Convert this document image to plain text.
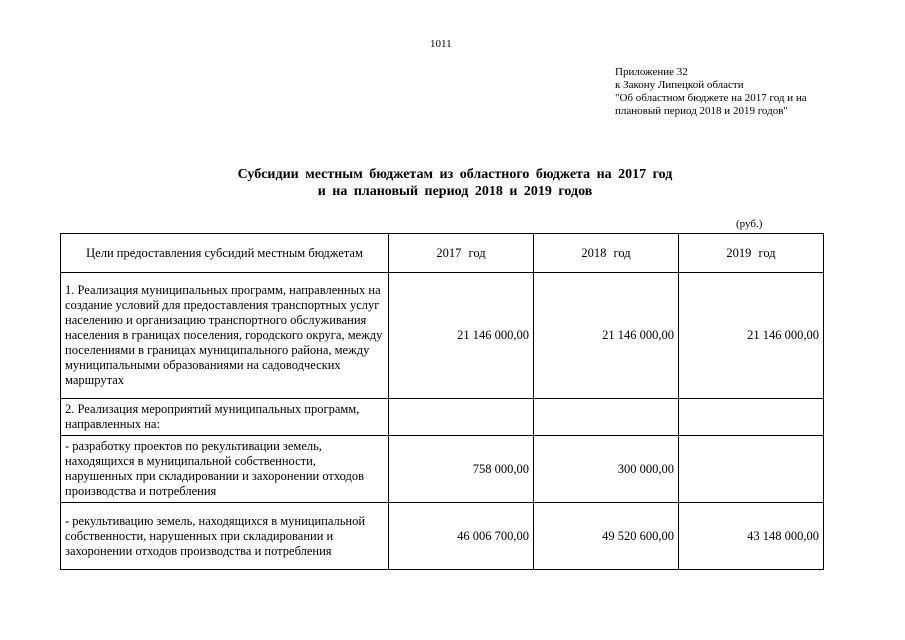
1011
Приложение 32
к Закону Липецкой области
"Об областном бюджете на 2017 год и на
плановый период 2018 и 2019 годов"
Субсидии местным бюджетам из областного бюджета на 2017 год
и на плановый период 2018 и 2019 годов
(руб.)
Цели предоставления субсидий местным бюджетам	2017 год	2018 год	2019 год
1. Реализация муниципальных программ, направленных на создание условий для предоставления транспортных услуг населению и организацию транспортного обслуживания населения в границах поселения, городского округа, между поселениями в границах муниципального района, между муниципальными образованиями на садоводческих маршрутах	21 146 000,00	21 146 000,00	21 146 000,00
2. Реализация мероприятий муниципальных программ, направленных на:			
- разработку проектов по рекультивации земель, находящихся в муниципальной собственности, нарушенных при складировании и захоронении отходов производства и потребления	758 000,00	300 000,00	
- рекультивацию земель, находящихся в муниципальной собственности, нарушенных при складировании и захоронении отходов производства и потребления	46 006 700,00	49 520 600,00	43 148 000,00
